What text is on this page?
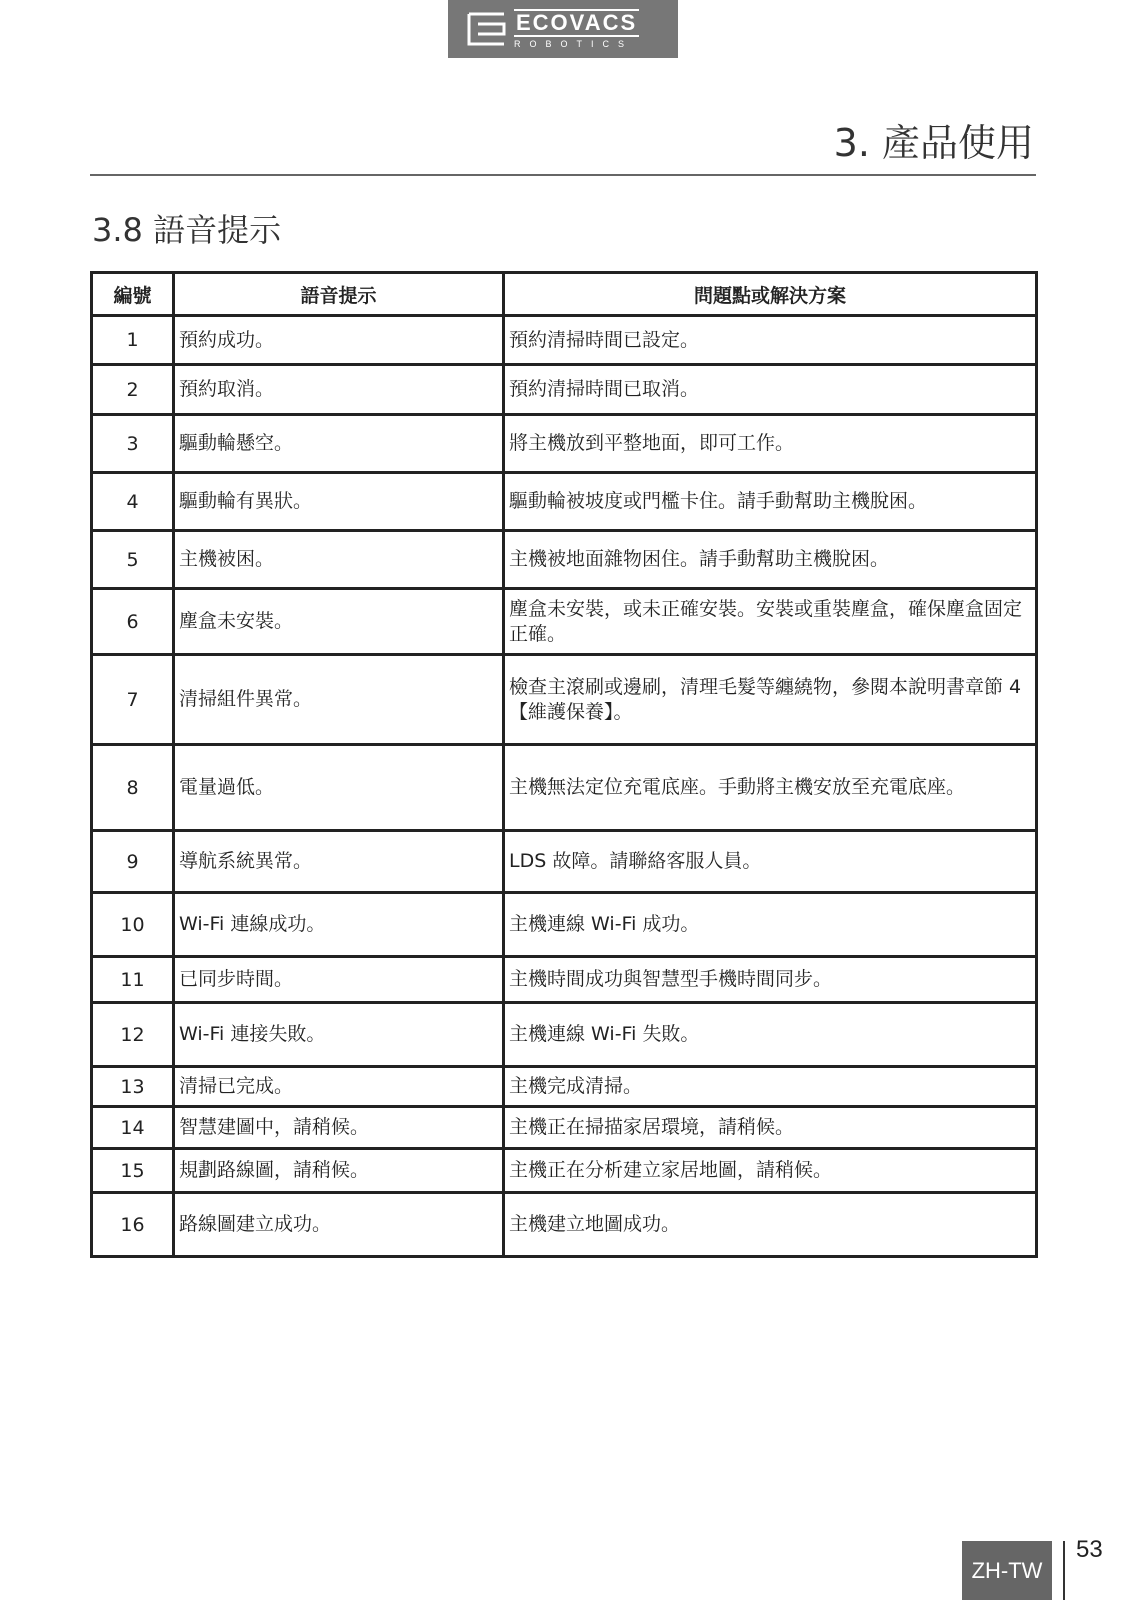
ECOVACS
ROBOTICS
3. 產品使用
3.8 語音提示
編號	語音提示	問題點或解決方案
1	預約成功。	預約清掃時間已設定。
2	預約取消。	預約清掃時間已取消。
3	驅動輪懸空。	將主機放到平整地面，即可工作。
4	驅動輪有異狀。	驅動輪被坡度或門檻卡住。請手動幫助主機脫困。
5	主機被困。	主機被地面雜物困住。請手動幫助主機脫困。
6	塵盒未安裝。	塵盒未安裝，或未正確安裝。安裝或重裝塵盒，確保塵盒固定正確。
7	清掃組件異常。	檢查主滾刷或邊刷，清理毛髮等纏繞物，參閱本說明書章節 4【維護保養】。
8	電量過低。	主機無法定位充電底座。手動將主機安放至充電底座。
9	導航系統異常。	LDS 故障。請聯絡客服人員。
10	Wi-Fi 連線成功。	主機連線 Wi-Fi 成功。
11	已同步時間。	主機時間成功與智慧型手機時間同步。
12	Wi-Fi 連接失敗。	主機連線 Wi-Fi 失敗。
13	清掃已完成。	主機完成清掃。
14	智慧建圖中，請稍候。	主機正在掃描家居環境，請稍候。
15	規劃路線圖，請稍候。	主機正在分析建立家居地圖，請稍候。
16	路線圖建立成功。	主機建立地圖成功。
ZH-TW
53
